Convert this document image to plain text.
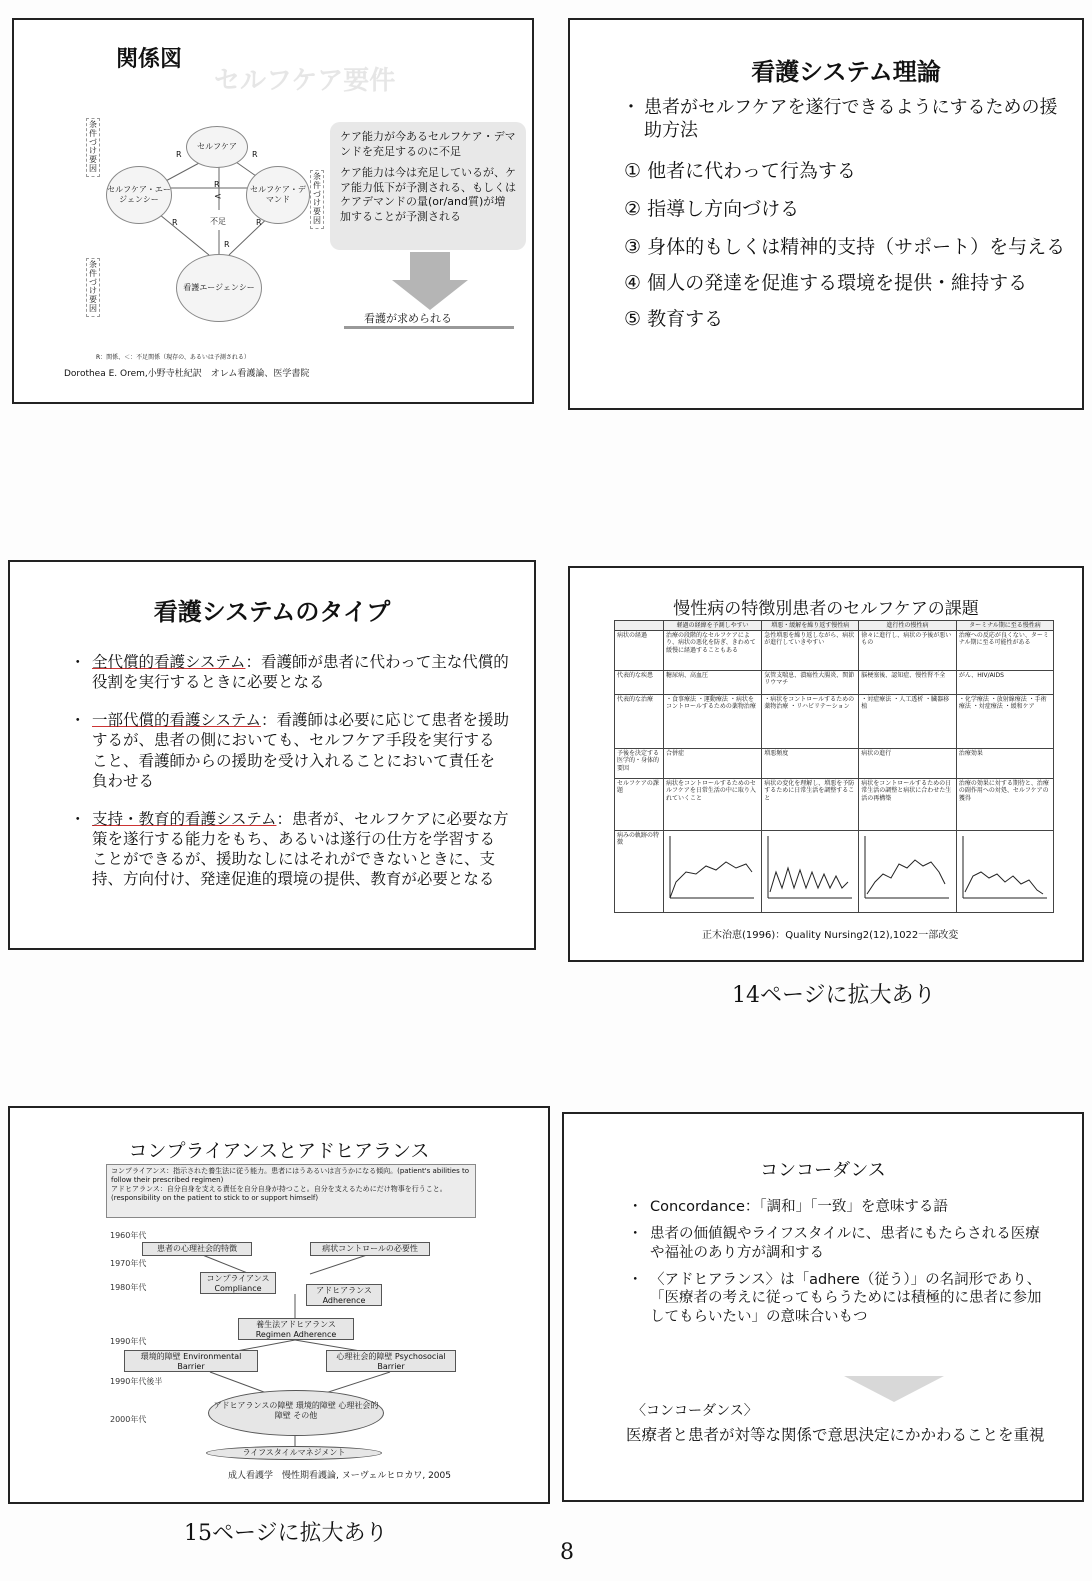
セルフケア要件
関係図
条件づけ要因
条件づけ要因
条件づけ要因
セルフケア
セルフケア・エージェンシー
セルフケア・デマンド
不足
看護エージェンシー
R	R
R
<
R	R
R

ケア能力が今あるセルフケア・デマンドを充足するのに不足

ケア能力は今は充足しているが、ケア能力低下が予測される、もしくはケアデマンドの量(or/and質)が増加することが予測される

看護が求められる
R：関係、＜：不足関係（現存の、あるいは予測される）
Dorothea E. Orem,小野寺杜紀訳　オレム看護論、医学書院
看護システム理論
・ 患者がセルフケアを遂行できるようにするための援助方法
① 他者に代わって行為する
② 指導し方向づける
③ 身体的もしくは精神的支持（サポート）を与える
④ 個人の発達を促進する環境を提供・維持する
⑤ 教育する
看護システムのタイプ
・ 全代償的看護システム：看護師が患者に代わって主な代償的役割を実行するときに必要となる
・ 一部代償的看護システム：看護師は必要に応じて患者を援助するが、患者の側においても、セルフケア手段を実行すること、看護師からの援助を受け入れることにおいて責任を負わせる
・ 支持・教育的看護システム：患者が、セルフケアに必要な方策を遂行する能力をもち、あるいは遂行の仕方を学習することができるが、援助なしにはそれができないときに、支持、方向付け、発達促進的環境の提供、教育が必要となる
慢性病の特徴別患者のセルフケアの課題
	軽過の経緯を予測しやすい	増悪・緩解を繰り返す慢性病	進行性の慢性病	ターミナル期に至る慢性病
病状の経過	治療の段階的なセルフケアにより、病状の悪化を防ぎ、きわめて緩慢に経過することもある	急性増悪を繰り返しながら、病状が進行していきやすい	徐々に進行し、病状の予後が悪いもの	治療への反応が良くない、ターミナル期に至る可能性がある
代表的な疾患	糖尿病、高血圧	気管支喘息、潰瘍性大腸炎、関節リウマチ	脳梗塞後、認知症、慢性腎不全	がん、HIV/AIDS
代表的な治療	・食事療法 ・運動療法 ・病状をコントロールするための薬物治療	・病状をコントロールするための薬物治療 ・リハビリテーション	・対症療法 ・人工透析 ・臓器移植	・化学療法 ・放射線療法 ・手術療法 ・対症療法 ・緩和ケア
予後を決定する医学的・身体的要因	合併症	増悪頻度	病状の進行	治療効果
セルフケアの課題	病状をコントロールするためのセルフケアを日常生活の中に取り入れていくこと	病状の変化を理解し、増悪を予防するために日常生活を調整すること	病状をコントロールするための日常生活の調整と病状に合わせた生活の再構築	治療の効果に対する期待と、治療の副作用への対処、セルフケアの獲得
病みの軌跡の特徴				
正木治恵(1996)：Quality Nursing2(12),1022一部改変
14ページに拡大あり
コンプライアンスとアドヒアランス
コンプライアンス：指示された養生法に従う能力。患者にはうあるいは言うかになる傾向。(patient's abilities to follow their prescribed regimen)
アドヒアランス：自分自身を支える責任を自分自身が持つこと。自分を支えるためにだけ物事を行うこと。(responsibility on the patient to stick to or support himself)
1960年代
1970年代
1980年代
1990年代
1990年代後半
2000年代
患者の心理社会的特徴	病状コントロールの必要性
コンプライアンス Compliance	アドヒアランス Adherence
養生法アドヒアランス Regimen Adherence
環境的障壁 Environmental Barrier
心理社会的障壁 Psychosocial Barrier
アドヒアランスの障壁 環境的障壁 心理社会的障壁 その他
ライフスタイルマネジメント
成人看護学　慢性期看護論, ヌーヴェルヒロカワ, 2005
15ページに拡大あり
コンコーダンス
・ Concordance：「調和」「一致」を意味する語
・ 患者の価値観やライフスタイルに、患者にもたらされる医療や福祉のあり方が調和する
・ 〈アドヒアランス〉は「adhere（従う）」の名詞形であり、「医療者の考えに従ってもらうためには積極的に患者に参加してもらいたい」の意味合いもつ
〈コンコーダンス〉
医療者と患者が対等な関係で意思決定にかかわることを重視
8
